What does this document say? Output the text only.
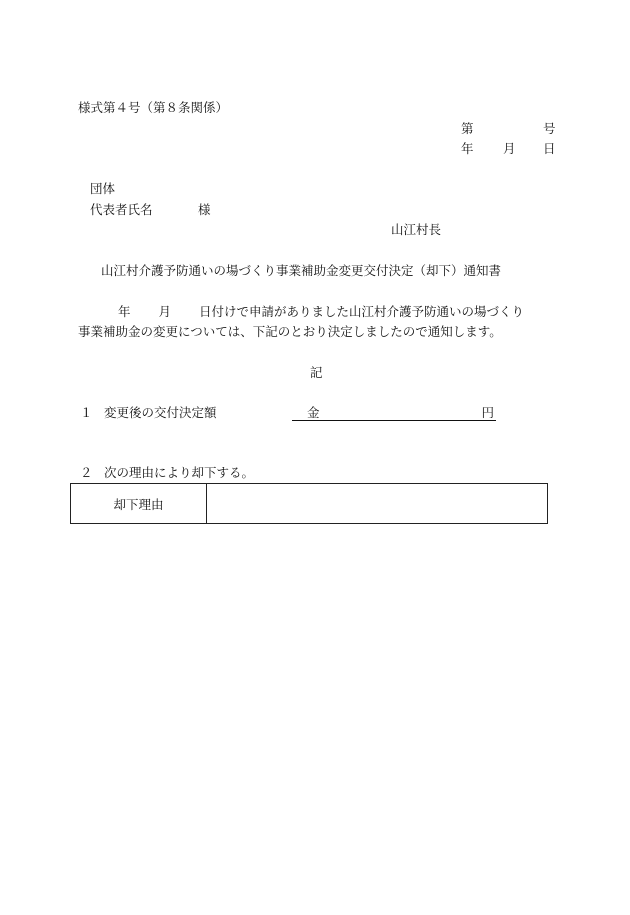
様式第４号（第８条関係）
第	号
年 月 日
団体
代表者氏名	様
山江村長
山江村介護予防通いの場づくり事業補助金変更交付決定（却下）通知書
年 月 日付けで申請がありました山江村介護予防通いの場づくり
事業補助金の変更については、下記のとおり決定しましたので通知します。
記
１ 変更後の交付決定額	金	円
２ 次の理由により却下する。
却下理由
